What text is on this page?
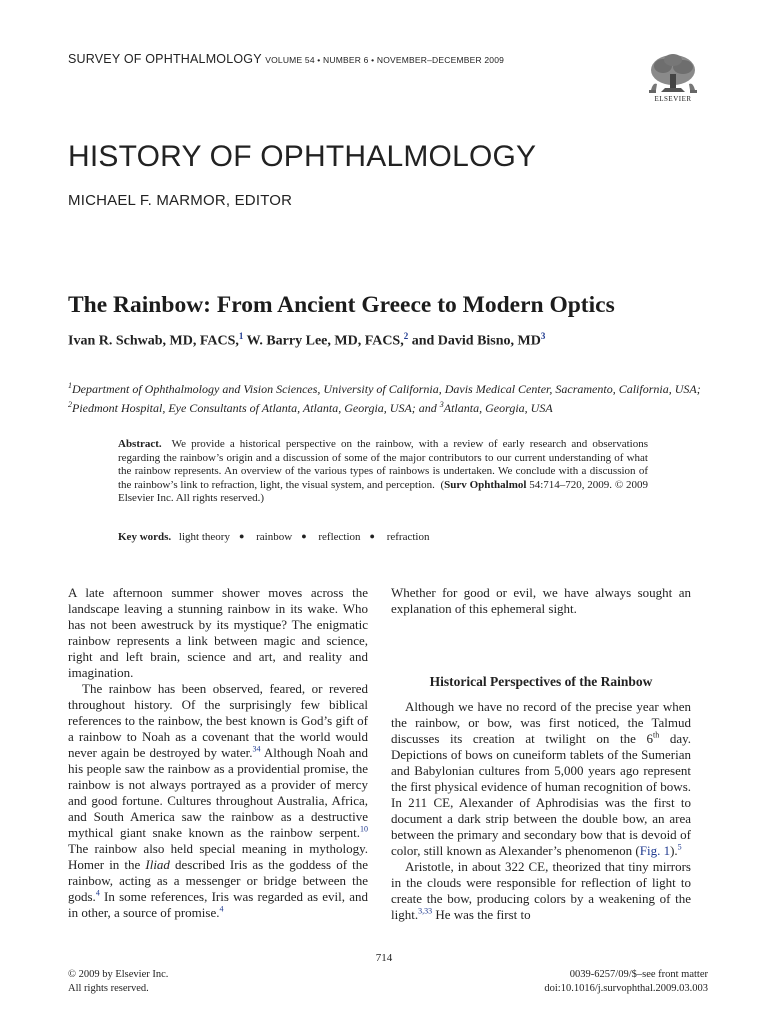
SURVEY OF OPHTHALMOLOGY VOLUME 54 • NUMBER 6 • NOVEMBER–DECEMBER 2009
ELSEVIER
HISTORY OF OPHTHALMOLOGY
MICHAEL F. MARMOR, EDITOR
The Rainbow: From Ancient Greece to Modern Optics
Ivan R. Schwab, MD, FACS,$^1$ W. Barry Lee, MD, FACS,$^2$ and David Bisno, $MD^3$
$^1$Department of Ophthalmology and Vision Sciences, University of California, Davis Medical Center, Sacramento, California, USA; $^2$Piedmont Hospital, Eye Consultants of Atlanta, Atlanta, Georgia, USA; and $^3$Atlanta, Georgia, USA
Abstract. We provide a historical perspective on the rainbow, with a review of early research and observations regarding the rainbow’s origin and a discussion of some of the major contributors to our current understanding of what the rainbow represents. An overview of the various types of rainbows is undertaken. We conclude with a discussion of the rainbow’s link to refraction, light, the visual system, and perception.  (Surv Ophthalmol 54:714–720, 2009. © 2009 Elsevier Inc. All rights reserved.)
Key words. light theory ● rainbow ● reflection ● refraction

A late afternoon summer shower moves across the landscape leaving a stunning rainbow in its wake. Who has not been awestruck by its mystique? The enigmatic rainbow represents a link between magic and science, right and left brain, science and art, and reality and imagination.

The rainbow has been observed, feared, or revered throughout history. Of the surprisingly few biblical references to the rainbow, the best known is God’s gift of a rainbow to Noah as a covenant that the world would never again be destroyed by water.$^{34}$ Although Noah and his people saw the rainbow as a providential promise, the rainbow is not always portrayed as a provider of mercy and good fortune. Cultures throughout Australia, Africa, and South America saw the rainbow as a destructive mythical giant snake known as the rainbow serpent.$^{10}$ The rainbow also held special meaning in mythology. Homer in the Iliad described Iris as the goddess of the rainbow, acting as a messenger or bridge between the gods.$^4$ In some references, Iris was regarded as evil, and in other, a source of promise.$^4$

Whether for good or evil, we have always sought an explanation of this ephemeral sight.

Historical Perspectives of the Rainbow

Although we have no record of the precise year when the rainbow, or bow, was first noticed, the Talmud discusses its creation at twilight on the 6th day. Depictions of bows on cuneiform tablets of the Sumerian and Babylonian cultures from 5,000 years ago represent the first physical evidence of human recognition of bows. In 211 CE, Alexander of Aphrodisias was the first to document a dark strip between the double bow, an area between the primary and secondary bow that is devoid of color, still known as Alexander’s phenomenon (Fig. 1).$^5$

Aristotle, in about 322 CE, theorized that tiny mirrors in the clouds were responsible for reflection of light to create the bow, producing colors by a weakening of the light.$^{3,33}$ He was the first to

714
© 2009 by Elsevier Inc.
All rights reserved.
0039-6257/09/$–see front matter
doi:10.1016/j.survophthal.2009.03.003
